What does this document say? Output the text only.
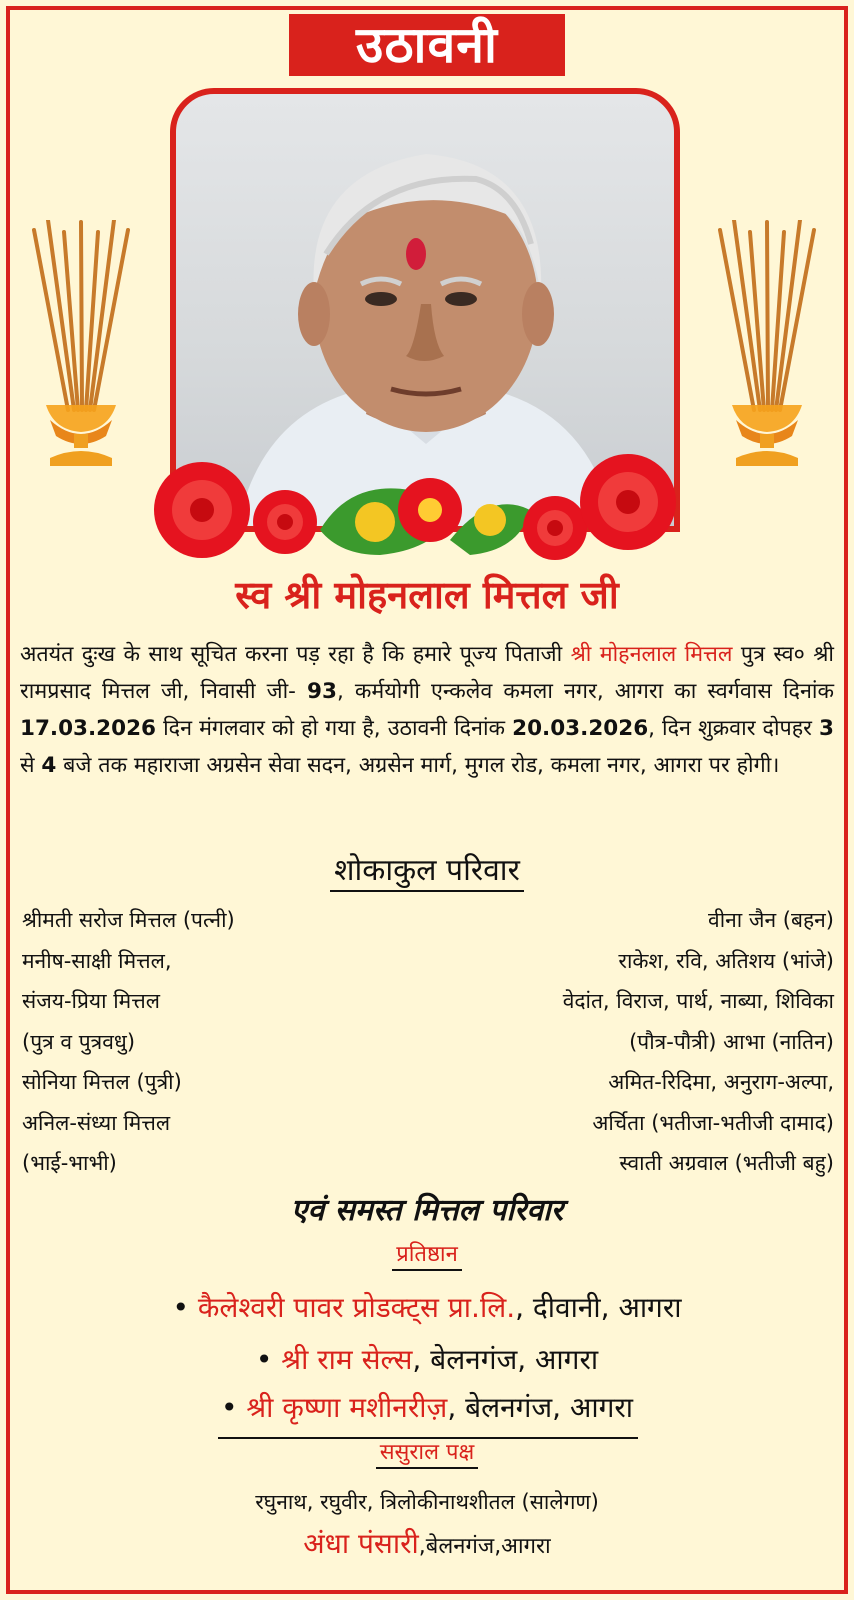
उठावनी
स्व श्री मोहनलाल मित्तल जी
अतयंत दुःख के साथ सूचित करना पड़ रहा है कि हमारे पूज्य पिताजी श्री मोहनलाल मित्तल पुत्र स्व० श्री रामप्रसाद मित्तल जी, निवासी जी- 93, कर्मयोगी एन्कलेव कमला नगर, आगरा का स्वर्गवास दिनांक 17.03.2026 दिन मंगलवार को हो गया है, उठावनी दिनांक 20.03.2026, दिन शुक्रवार दोपहर 3 से 4 बजे तक महाराजा अग्रसेन सेवा सदन, अग्रसेन मार्ग, मुगल रोड, कमला नगर, आगरा पर होगी।
शोकाकुल परिवार
श्रीमती सरोज मित्तल (पत्नी)
मनीष-साक्षी मित्तल,
संजय-प्रिया मित्तल
(पुत्र व पुत्रवधु)
सोनिया मित्तल (पुत्री)
अनिल-संध्या मित्तल
(भाई-भाभी)
वीना जैन (बहन)
राकेश, रवि, अतिशय (भांजे)
वेदांत, विराज, पार्थ, नाब्या, शिविका
(पौत्र-पौत्री) आभा (नातिन)
अमित-रिदिमा, अनुराग-अल्पा,
अर्चिता (भतीजा-भतीजी दामाद)
स्वाती अग्रवाल (भतीजी बहु)
एवं समस्त मित्तल परिवार
प्रतिष्ठान
• कैलेश्वरी पावर प्रोडक्ट्स प्रा.लि., दीवानी, आगरा
• श्री राम सेल्स, बेलनगंज, आगरा
• श्री कृष्णा मशीनरीज़, बेलनगंज, आगरा
ससुराल पक्ष
रघुनाथ, रघुवीर, त्रिलोकीनाथशीतल (सालेगण)
अंधा पंसारी,बेलनगंज,आगरा
